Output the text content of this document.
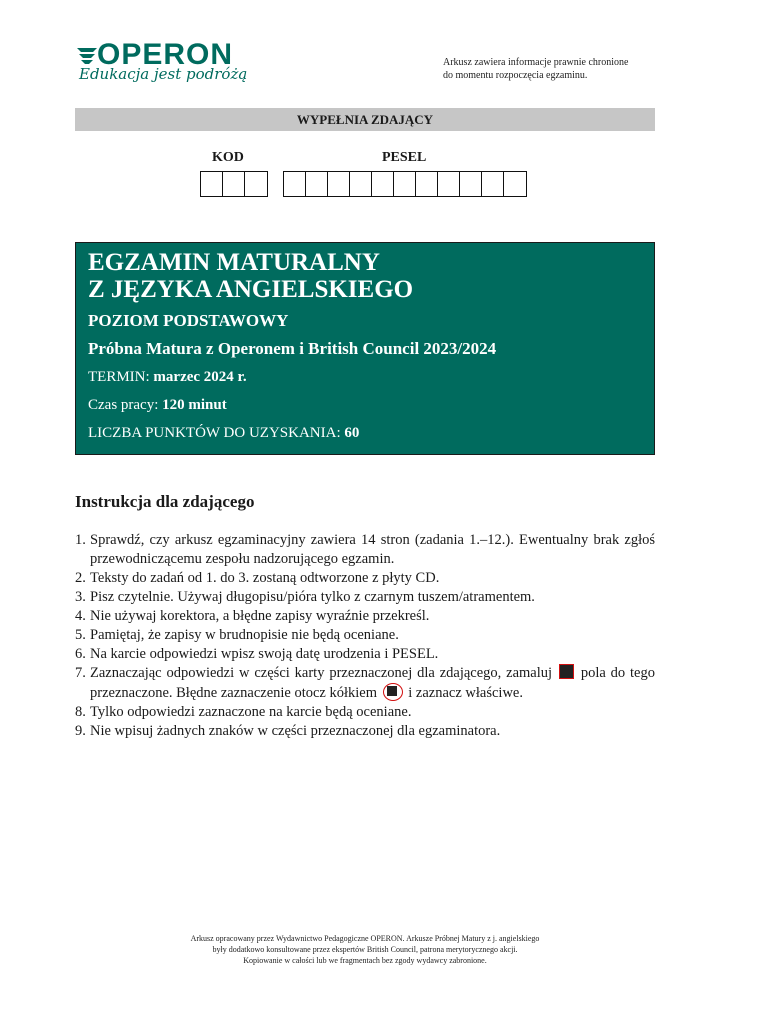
OPERON
Edukacja jest podróżą
Arkusz zawiera informacje prawnie chronione
do momentu rozpoczęcia egzaminu.
WYPEŁNIA ZDAJĄCY
KOD	PESEL
EGZAMIN MATURALNY
Z JĘZYKA ANGIELSKIEGO
POZIOM PODSTAWOWY
Próbna Matura z Operonem i British Council 2023/2024
TERMIN: marzec 2024 r.
Czas pracy: 120 minut
LICZBA PUNKTÓW DO UZYSKANIA: 60
Instrukcja dla zdającego
1. Sprawdź, czy arkusz egzaminacyjny zawiera 14 stron (zadania 1.–12.). Ewentualny brak zgłoś przewodniczącemu zespołu nadzorującego egzamin.
2. Teksty do zadań od 1. do 3. zostaną odtworzone z płyty CD.
3. Pisz czytelnie. Używaj długopisu/pióra tylko z czarnym tuszem/atramentem.
4. Nie używaj korektora, a błędne zapisy wyraźnie przekreśl.
5. Pamiętaj, że zapisy w brudnopisie nie będą oceniane.
6. Na karcie odpowiedzi wpisz swoją datę urodzenia i PESEL.
7. Zaznaczając odpowiedzi w części karty przeznaczonej dla zdającego, zamaluj pola do tego przeznaczone. Błędne zaznaczenie otocz kółkiem i zaznacz właściwe.
8. Tylko odpowiedzi zaznaczone na karcie będą oceniane.
9. Nie wpisuj żadnych znaków w części przeznaczonej dla egzaminatora.
Arkusz opracowany przez Wydawnictwo Pedagogiczne OPERON. Arkusze Próbnej Matury z j. angielskiego
były dodatkowo konsultowane przez ekspertów British Council, patrona merytorycznego akcji.
Kopiowanie w całości lub we fragmentach bez zgody wydawcy zabronione.
